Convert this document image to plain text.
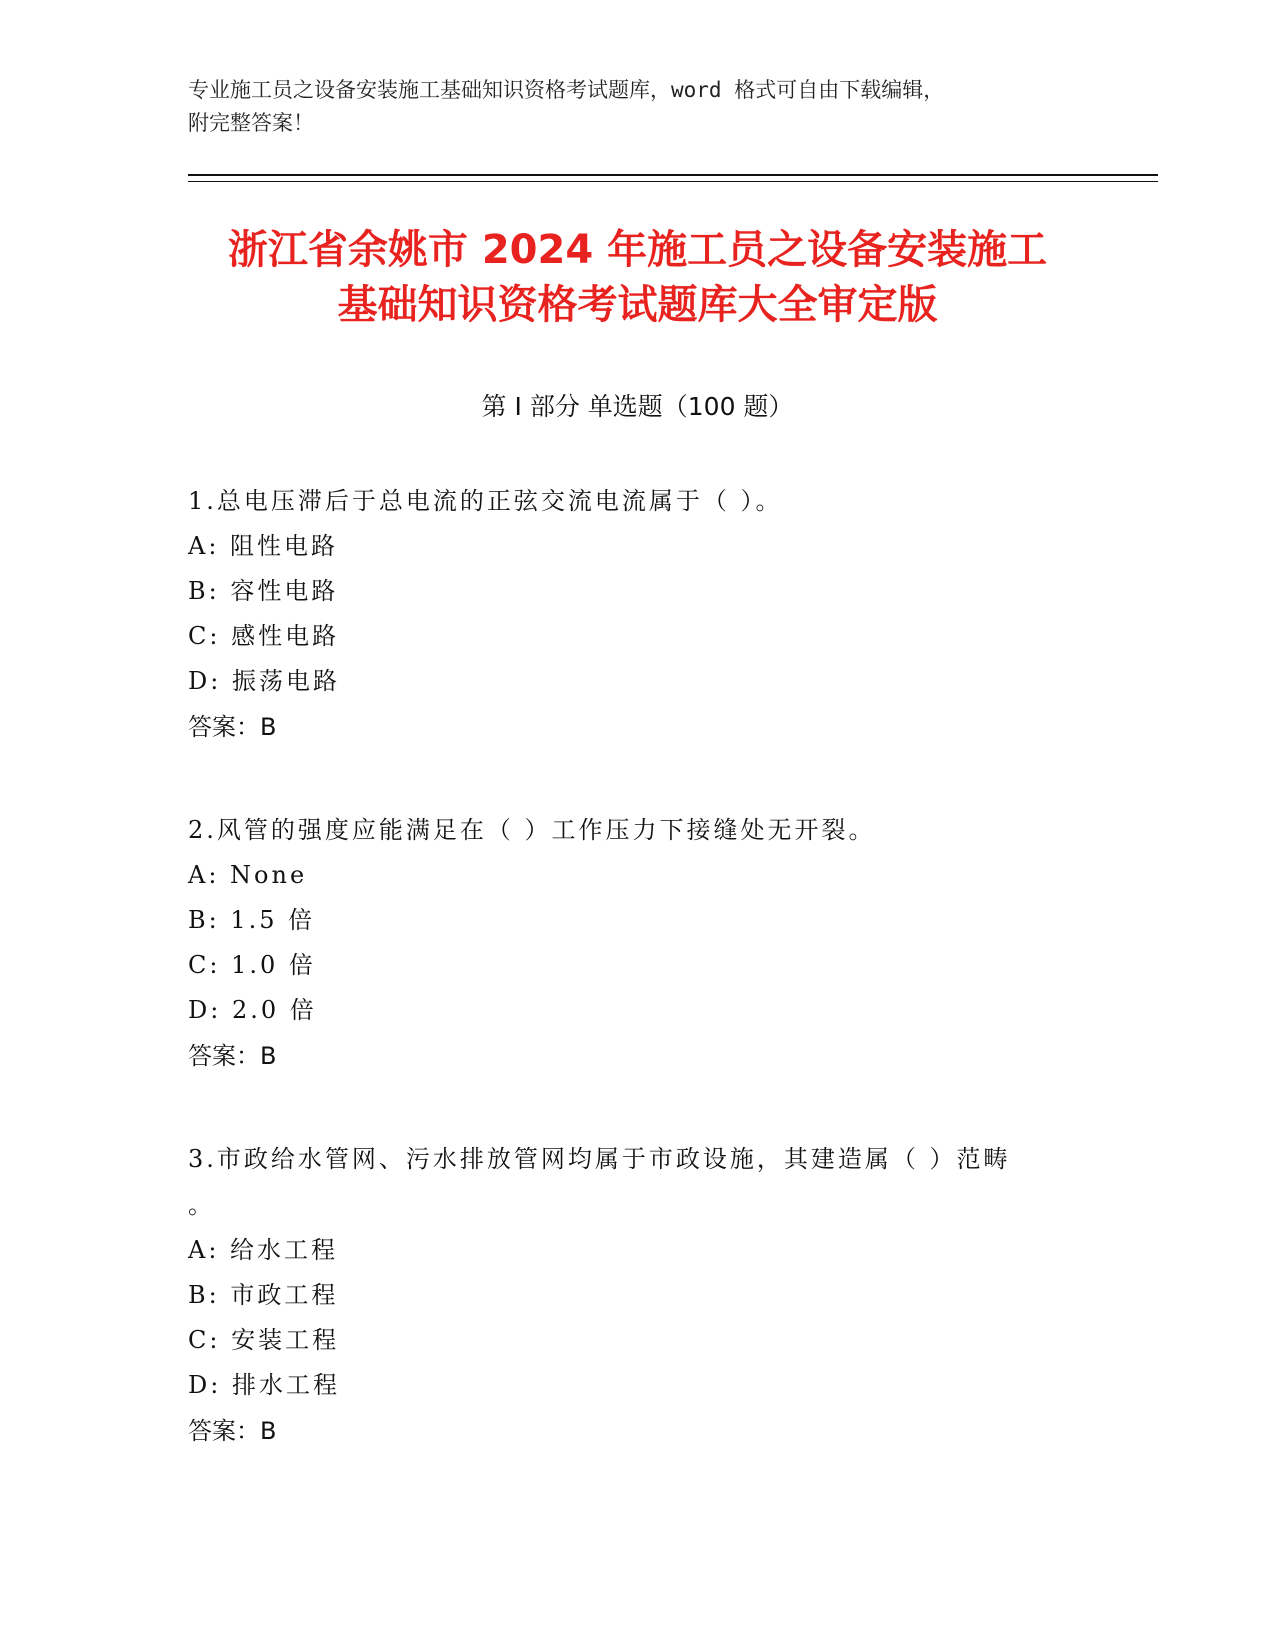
专业施工员之设备安装施工基础知识资格考试题库，word 格式可自由下载编辑，
附完整答案！
浙江省余姚市 2024 年施工员之设备安装施工
基础知识资格考试题库大全审定版
第 I 部分 单选题（100 题）
1.总电压滞后于总电流的正弦交流电流属于（ ）。
A: 阻性电路
B: 容性电路
C: 感性电路
D: 振荡电路
答案：B
2.风管的强度应能满足在（ ）工作压力下接缝处无开裂。
A: None
B: 1.5 倍
C: 1.0 倍
D: 2.0 倍
答案：B
3.市政给水管网、污水排放管网均属于市政设施，其建造属（ ）范畴
。
A: 给水工程
B: 市政工程
C: 安装工程
D: 排水工程
答案：B
